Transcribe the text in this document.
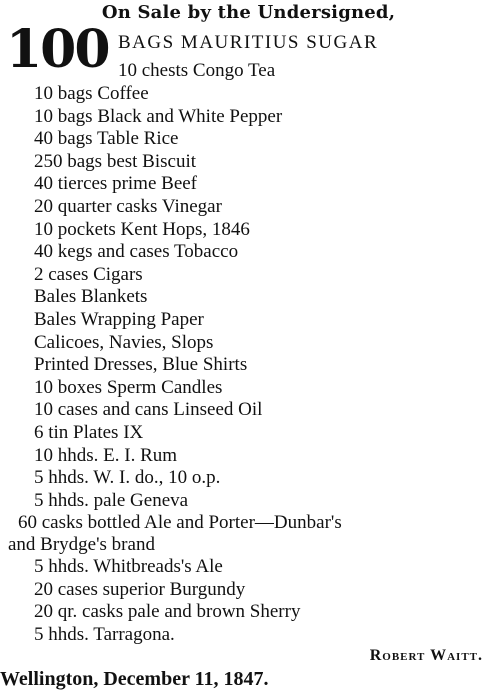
On Sale by the Undersigned,
100 BAGS MAURITIUS SUGAR
10 chests Congo Tea
10 bags Coffee
10 bags Black and White Pepper
40 bags Table Rice
250 bags best Biscuit
40 tierces prime Beef
20 quarter casks Vinegar
10 pockets Kent Hops, 1846
40 kegs and cases Tobacco
2 cases Cigars
Bales Blankets
Bales Wrapping Paper
Calicoes, Navies, Slops
Printed Dresses, Blue Shirts
10 boxes Sperm Candles
10 cases and cans Linseed Oil
6 tin Plates IX
10 hhds. E. I. Rum
5 hhds. W. I. do., 10 o.p.
5 hhds. pale Geneva
60 casks bottled Ale and Porter—Dunbar's
and Brydge's brand
5 hhds. Whitbreads's Ale
20 cases superior Burgundy
20 qr. casks pale and brown Sherry
5 hhds. Tarragona.
Robert Waitt.
Wellington, December 11, 1847.
